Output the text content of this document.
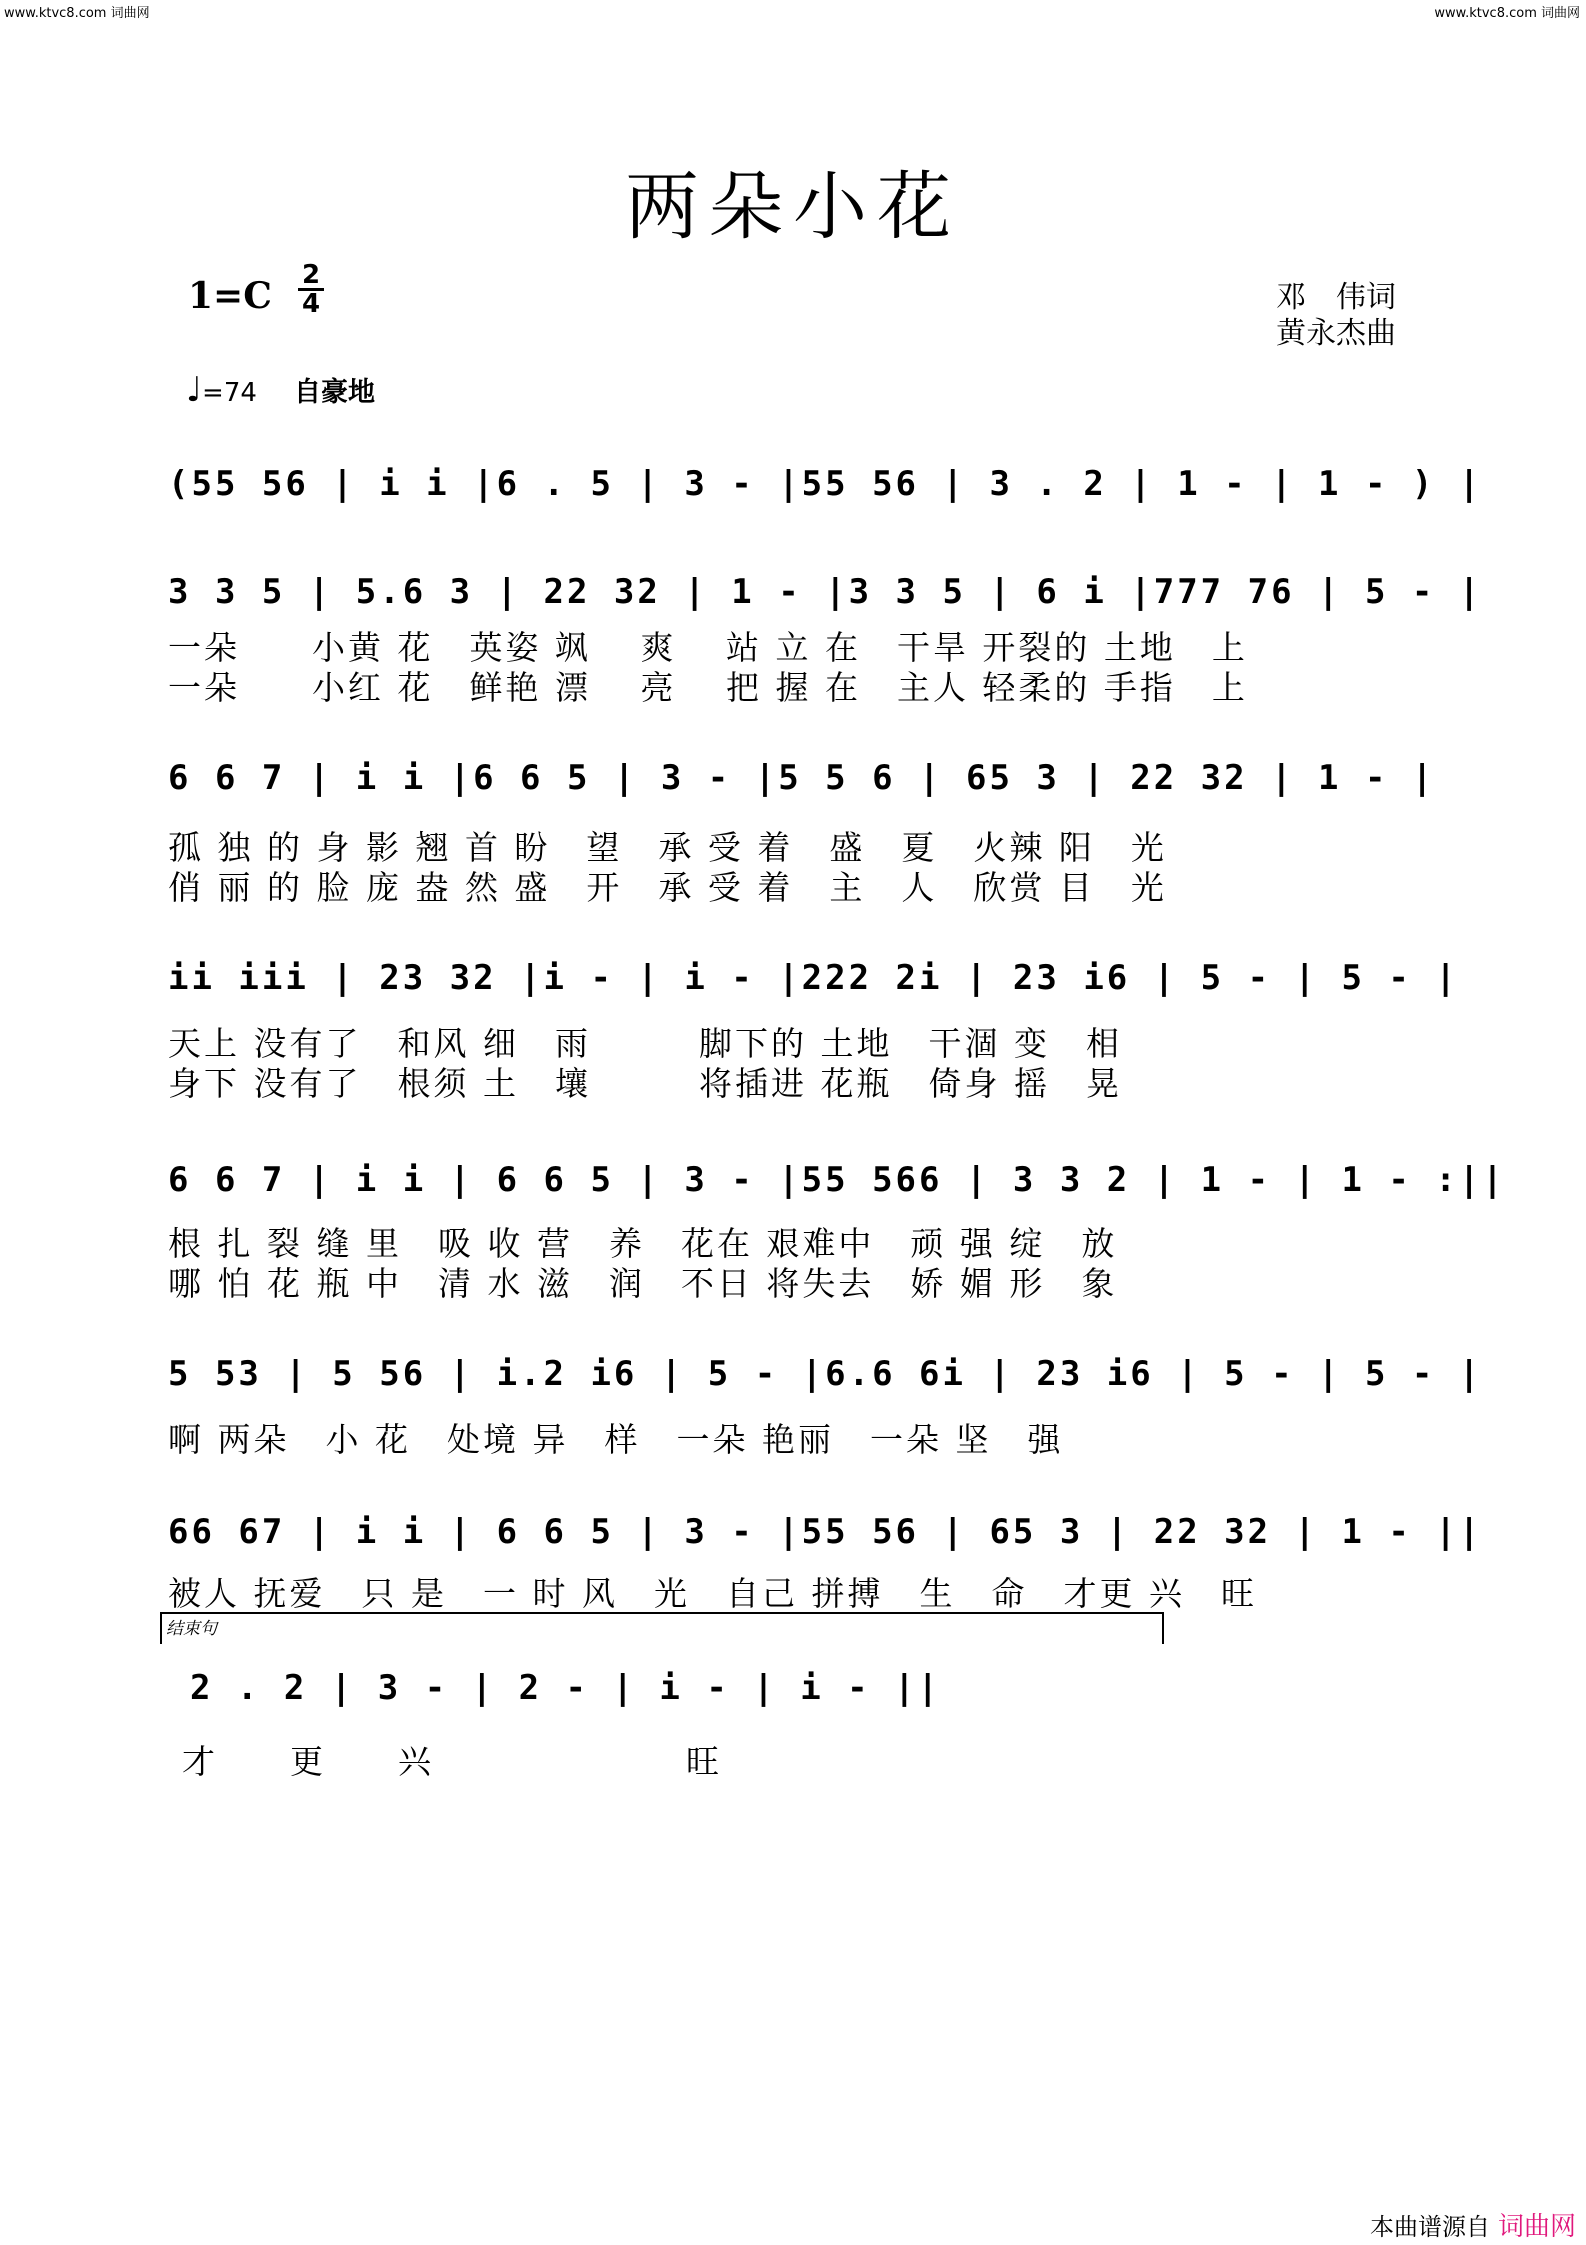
www.ktvc8.com 词曲网	www.ktvc8.com 词曲网
两朵小花
$1=C \frac{2}{4}$	邓　伟词
黄永杰曲
♩=74 自豪地
(55 56 | i i |6 . 5 | 3 - |55 56 | 3 . 2 | 1 - | 1 - ) |
3 3 5 | 5.6 3 | 22 32 | 1 - |3 3 5 | 6 i |777 76 | 5 - |
一朵　　小黄 花　英姿 飒　 爽　 站 立 在　干旱 开裂的 土地　上
一朵　　小红 花　鲜艳 漂　 亮　 把 握 在　主人 轻柔的 手指　上
6 6 7 | i i |6 6 5 | 3 - |5 5 6 | 65 3 | 22 32 | 1 - |
孤 独 的 身 影 翘 首 盼　望　承 受 着　盛　夏　火辣 阳　光
俏 丽 的 脸 庞 盎 然 盛　开　承 受 着　主　人　欣赏 目　光
ii iii | 23 32 |i - | i - |222 2i | 23 i6 | 5 - | 5 - |
天上 没有了　和风 细　雨　　　脚下的 土地　干涸 变　相
身下 没有了　根须 土　壤　　　将插进 花瓶　倚身 摇　晃
6 6 7 | i i | 6 6 5 | 3 - |55 566 | 3 3 2 | 1 - | 1 - :||
根 扎 裂 缝 里　吸 收 营　养　花在 艰难中　顽 强 绽　放
哪 怕 花 瓶 中　清 水 滋　润　不日 将失去　娇 媚 形　象
5 53 | 5 56 | i.2 i6 | 5 - |6.6 6i | 23 i6 | 5 - | 5 - |
啊 两朵　小 花　处境 异　样　一朵 艳丽　一朵 坚　强
66 67 | i i | 6 6 5 | 3 - |55 56 | 65 3 | 22 32 | 1 - ||
被人 抚爱　只 是　一 时 风　光　自己 拼搏　生　命　才更 兴　旺
结束句
2 . 2 | 3 - | 2 - | i - | i - ||
才　　更　　兴　　　　　　　旺
本曲谱源自 词曲网
